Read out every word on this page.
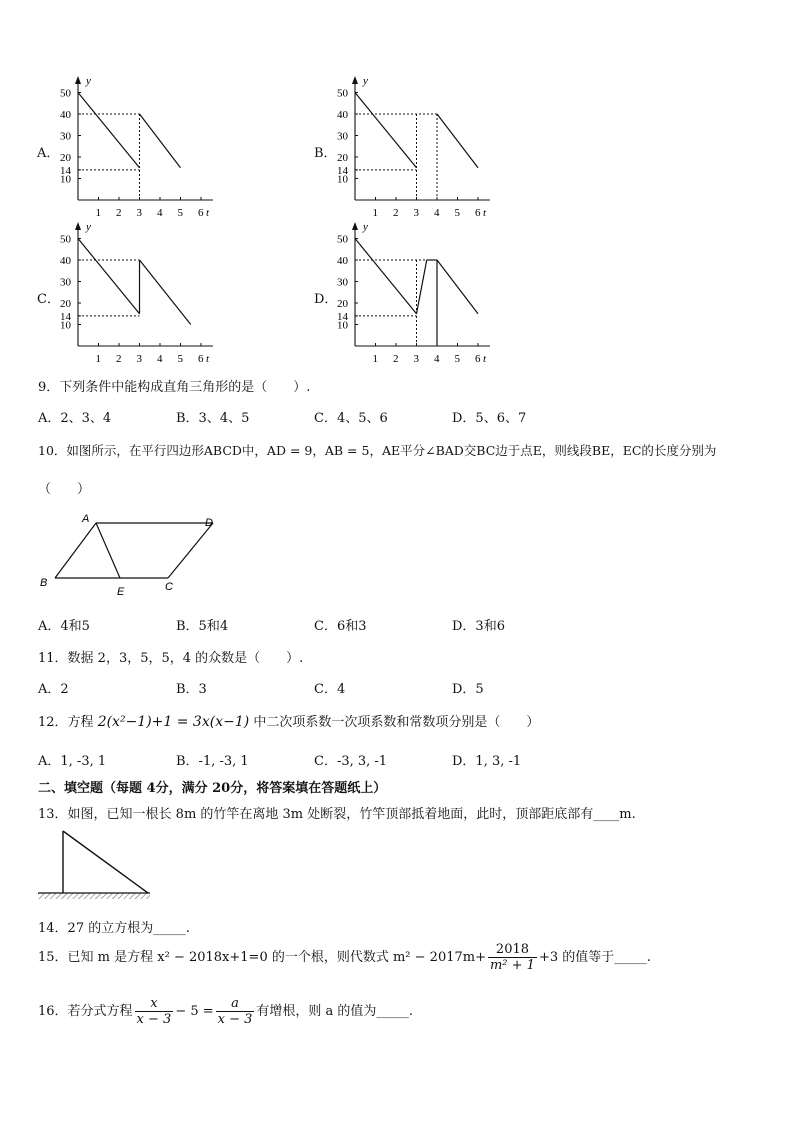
A．
y
t
50
40
30
20
14
10
1 2 3 4 5 6
B．
y
t
50
40
30
20
14
10
1 2 3 4 5 6
C．
y
t
50
40
30
20
14
10
1 2 3 4 5 6
D．
y
t
50
40
30
20
14
10
1 2 3 4 5 6
9．下列条件中能构成直角三角形的是（　　）.
A．2、3、4	B．3、4、5	C．4、5、6	D．5、6、7
10．如图所示，在平行四边形ABCD中，AD = 9，AB = 5，AE平分∠BAD交BC边于点E，则线段BE，EC的长度分别为
（　　）
A	D
B
E	C
A．4和5	B．5和4	C．6和3	D．3和6
11．数据 2，3，5，5，4 的众数是（　　）.
A．2	B．3	C．4	D．5
12．方程 2(x²−1)+1 = 3x(x−1) 中二次项系数一次项系数和常数项分别是（　　）
A．1, -3, 1	B．-1, -3, 1	C．-3, 3, -1	D．1, 3, -1
二、填空题（每题 4分，满分 20分，将答案填在答题纸上）
13．如图，已知一根长 8m 的竹竿在离地 3m 处断裂，竹竿顶部抵着地面，此时，顶部距底部有____m.
14．27 的立方根为_____.
15．已知 m 是方程 x² − 2018x+1=0 的一个根，则代数式 $m^2 - 2017m+ \frac{2018}{\text{m² + 1}} +3$ 的值等于_____.
16．若分式方程 $\frac{x}{x - 3} - 5 = \frac{a}{x - 3}$ 有增根，则 a 的值为_____.
